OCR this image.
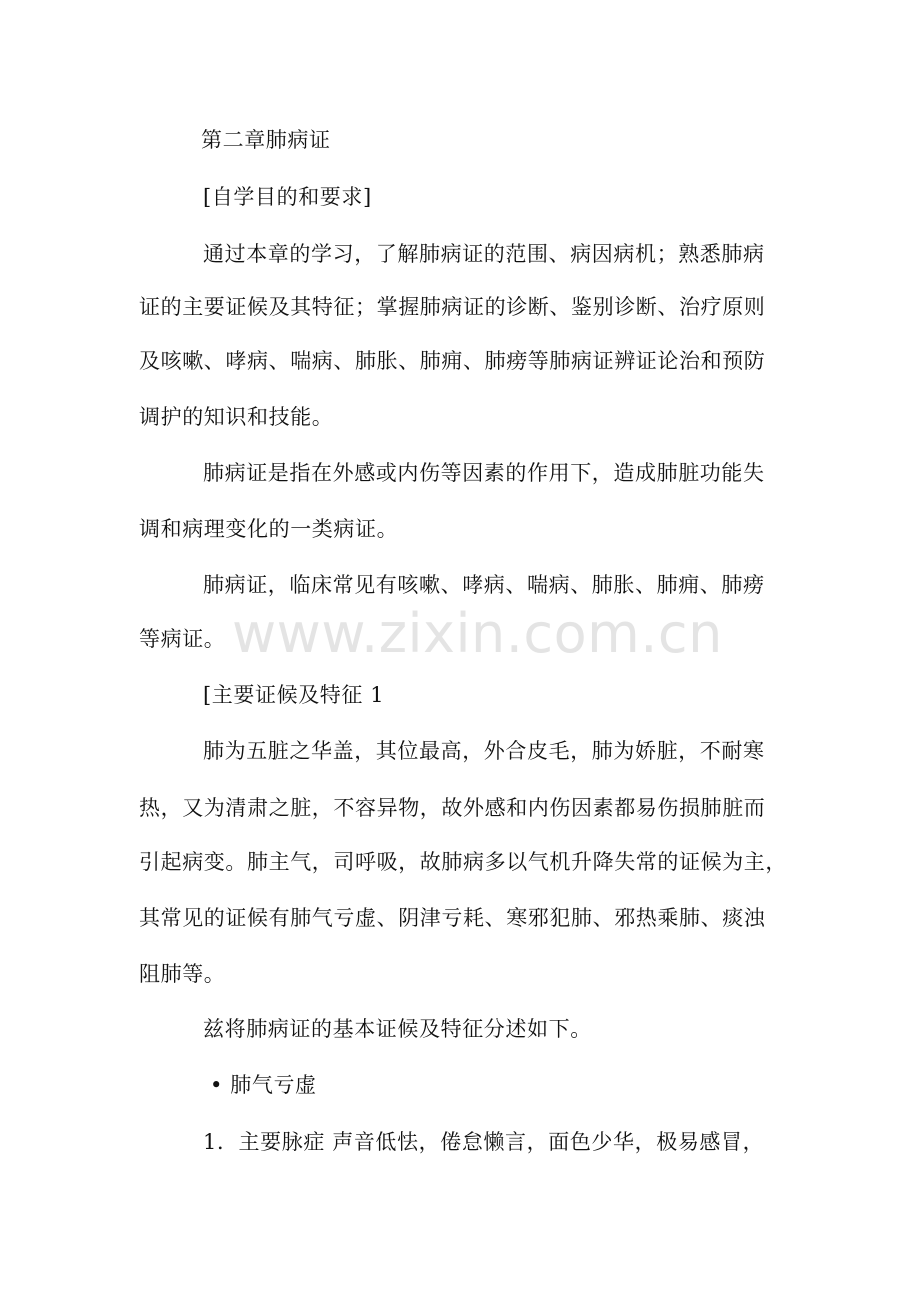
www.zixin.com.cn
第二章肺病证
[自学目的和要求]
通过本章的学习，了解肺病证的范围、病因病机；熟悉肺病
证的主要证候及其特征；掌握肺病证的诊断、鉴别诊断、治疗原则
及咳嗽、哮病、喘病、肺胀、肺痈、肺痨等肺病证辨证论治和预防
调护的知识和技能。
肺病证是指在外感或内伤等因素的作用下，造成肺脏功能失
调和病理变化的一类病证。
肺病证，临床常见有咳嗽、哮病、喘病、肺胀、肺痈、肺痨
等病证。
[主要证候及特征 1
肺为五脏之华盖，其位最高，外合皮毛，肺为娇脏，不耐寒
热，又为清肃之脏，不容异物，故外感和内伤因素都易伤损肺脏而
引起病变。肺主气，司呼吸，故肺病多以气机升降失常的证候为主，
其常见的证候有肺气亏虚、阴津亏耗、寒邪犯肺、邪热乘肺、痰浊
阻肺等。
兹将肺病证的基本证候及特征分述如下。
• 肺气亏虚
1．主要脉症 声音低怯，倦怠懒言，面色少华，极易感冒，
